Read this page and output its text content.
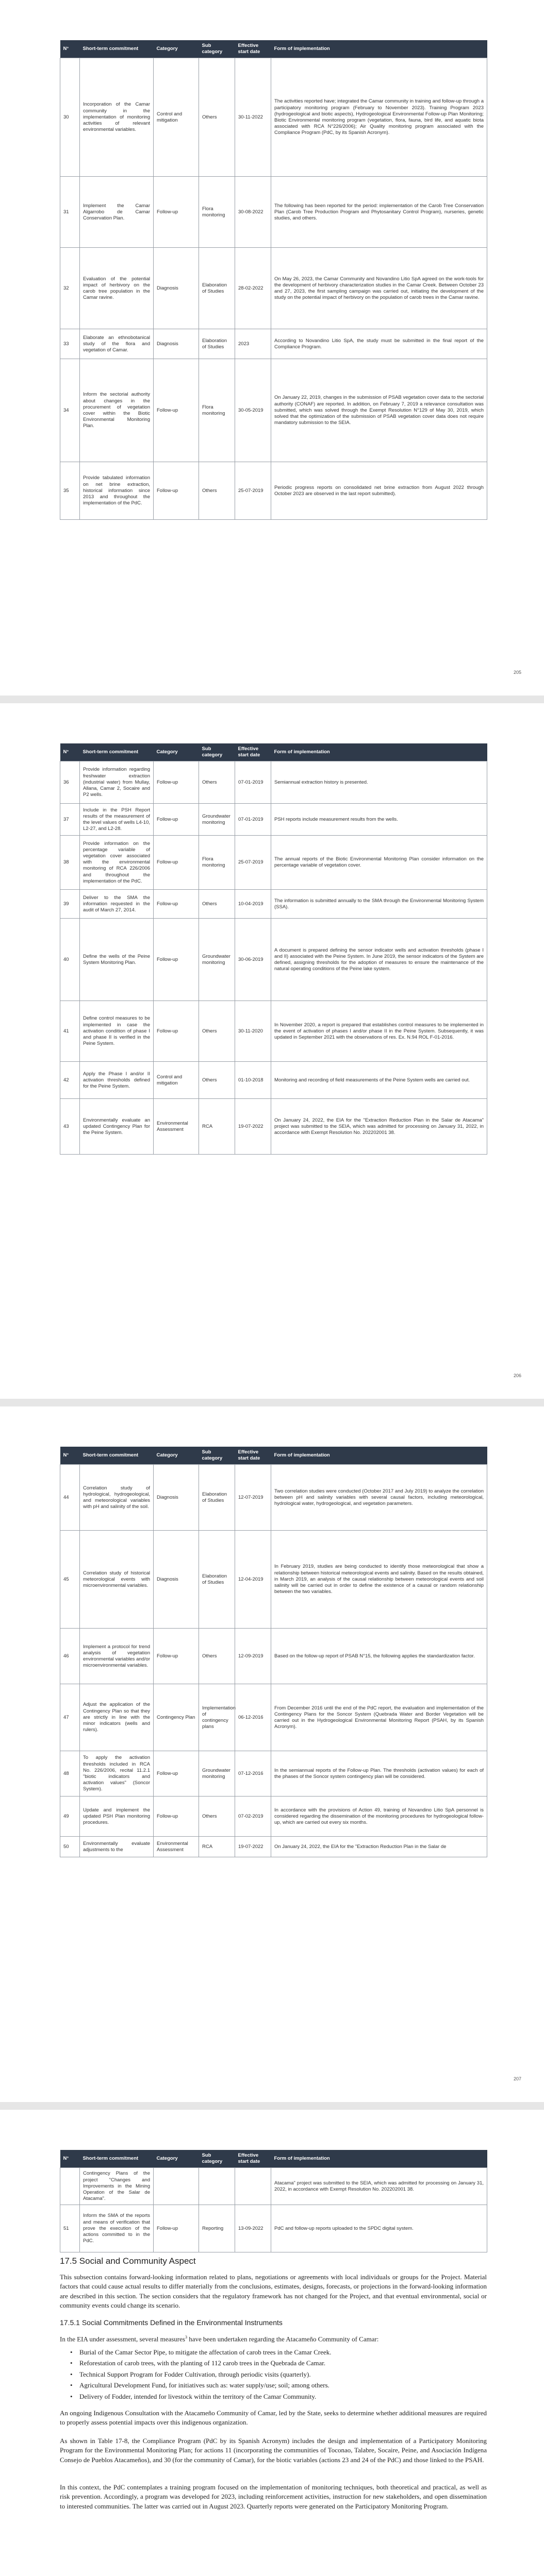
N°	Short-term commitment	Category	Sub category	Effective start date	Form of implementation
30	Incorporation of the Camar community in the implementation of monitoring activities of relevant environmental variables.	Control and mitigation	Others	30-11-2022	The activities reported have; integrated the Camar community in training and follow-up through a participatory monitoring program (February to November 2023). Training Program 2023 (hydrogeological and biotic aspects), Hydrogeological Environmental Follow-up Plan Monitoring; Biotic Environmental monitoring program (vegetation, flora, fauna, bird life, and aquatic biota associated with RCA N°226/2006); Air Quality monitoring program associated with the Compliance Program (PdC, by its Spanish Acronym).
31	Implement the Camar Algarrobo de Camar Conservation Plan.	Follow-up	Flora monitoring	30-08-2022	The following has been reported for the period: implementation of the Carob Tree Conservation Plan (Carob Tree Production Program and Phytosanitary Control Program), nurseries, genetic studies, and others.
32	Evaluation of the potential impact of herbivory on the carob tree population in the Camar ravine.	Diagnosis	Elaboration of Studies	28-02-2022	On May 26, 2023, the Camar Community and Novandino Litio SpA agreed on the work-tools for the development of herbivory characterization studies in the Camar Creek. Between October 23 and 27, 2023, the first sampling campaign was carried out, initiating the development of the study on the potential impact of herbivory on the population of carob trees in the Camar ravine.
33	Elaborate an ethnobotanical study of the flora and vegetation of Camar.	Diagnosis	Elaboration of Studies	2023	According to Novandino Litio SpA, the study must be submitted in the final report of the Compliance Program.
34	Inform the sectorial authority about changes in the procurement of vegetation cover within the Biotic Environmental Monitoring Plan.	Follow-up	Flora monitoring	30-05-2019	On January 22, 2019, changes in the submission of PSAB vegetation cover data to the sectorial authority (CONAF) are reported. In addition, on February 7, 2019 a relevance consultation was submitted, which was solved through the Exempt Resolution N°129 of May 30, 2019, which solved that the optimization of the submission of PSAB vegetation cover data does not require mandatory submission to the SEIA.
35	Provide tabulated information on net brine extraction, historical information since 2013 and throughout the implementation of the PdC.	Follow-up	Others	25-07-2019	Periodic progress reports on consolidated net brine extraction from August 2022 through October 2023 are observed in the last report submitted).
205
N°	Short-term commitment	Category	Sub category	Effective start date	Form of implementation
36	Provide information regarding freshwater extraction (industrial water) from Mullay, Allana, Camar 2, Socaire and P2 wells.	Follow-up	Others	07-01-2019	Semiannual extraction history is presented.
37	Include in the PSH Report results of the measurement of the level values of wells L4-10, L2-27, and L2-28.	Follow-up	Groundwater monitoring	07-01-2019	PSH reports include measurement results from the wells.
38	Provide information on the percentage variable of vegetation cover associated with the environmental monitoring of RCA 226/2006 and throughout the implementation of the PdC.	Follow-up	Flora monitoring	25-07-2019	The annual reports of the Biotic Environmental Monitoring Plan consider information on the percentage variable of vegetation cover.
39	Deliver to the SMA the information requested in the audit of March 27, 2014.	Follow-up	Others	10-04-2019	The information is submitted annually to the SMA through the Environmental Monitoring System (SSA).
40	Define the wells of the Peine System Monitoring Plan.	Follow-up	Groundwater monitoring	30-06-2019	A document is prepared defining the sensor indicator wells and activation thresholds (phase I and II) associated with the Peine System. In June 2019, the sensor indicators of the System are defined, assigning thresholds for the adoption of measures to ensure the maintenance of the natural operating conditions of the Peine lake system.
41	Define control measures to be implemented in case the activation condition of phase I and phase II is verified in the Peine System.	Follow-up	Others	30-11-2020	In November 2020, a report is prepared that establishes control measures to be implemented in the event of activation of phases I and/or phase II in the Peine System. Subsequently, it was updated in September 2021 with the observations of res. Ex. N.94 ROL F-01-2016.
42	Apply the Phase I and/or II activation thresholds defined for the Peine System.	Control and mitigation	Others	01-10-2018	Monitoring and recording of field measurements of the Peine System wells are carried out.
43	Environmentally evaluate an updated Contingency Plan for the Peine System.	Environmental Assessment	RCA	19-07-2022	On January 24, 2022, the EIA for the "Extraction Reduction Plan in the Salar de Atacama" project was submitted to the SEIA, which was admitted for processing on January 31, 2022, in accordance with Exempt Resolution No. 202202001 38.
206
N°	Short-term commitment	Category	Sub category	Effective start date	Form of implementation
44	Correlation study of hydrological, hydrogeological, and meteorological variables with pH and salinity of the soil.	Diagnosis	Elaboration of Studies	12-07-2019	Two correlation studies were conducted (October 2017 and July 2019) to analyze the correlation between pH and salinity variables with several causal factors, including meteorological, hydrological water, hydrogeological, and vegetation parameters.
45	Correlation study of historical meteorological events with microenvironmental variables.	Diagnosis	Elaboration of Studies	12-04-2019	In February 2019, studies are being conducted to identify those meteorological that show a relationship between historical meteorological events and salinity. Based on the results obtained, in March 2019, an analysis of the causal relationship between meteorological events and soil salinity will be carried out in order to define the existence of a causal or random relationship between the two variables.
46	Implement a protocol for trend analysis of vegetation environmental variables and/or microenvironmental variables.	Follow-up	Others	12-09-2019	Based on the follow-up report of PSAB N°15, the following applies the standardization factor.
47	Adjust the application of the Contingency Plan so that they are strictly in line with the minor indicators (wells and rulers).	Contingency Plan	Implementation of contingency plans	06-12-2016	From December 2016 until the end of the PdC report, the evaluation and implementation of the Contingency Plans for the Soncor System (Quebrada Water and Border Vegetation will be carried out in the Hydrogeological Environmental Monitoring Report (PSAH, by its Spanish Acronym).
48	To apply the activation thresholds included in RCA No. 226/2006, recital 11.2.1 "biotic indicators and activation values" (Soncor System).	Follow-up	Groundwater monitoring	07-12-2016	In the semiannual reports of the Follow-up Plan. The thresholds (activation values) for each of the phases of the Soncor system contingency plan will be considered.
49	Update and implement the updated PSH Plan monitoring procedures.	Follow-up	Others	07-02-2019	In accordance with the provisions of Action 49, training of Novandino Litio SpA personnel is considered regarding the dissemination of the monitoring procedures for hydrogeological follow-up, which are carried out every six months.
50	Environmentally evaluate adjustments to the	Environmental Assessment	RCA	19-07-2022	On January 24, 2022, the EIA for the "Extraction Reduction Plan in the Salar de
207
N°	Short-term commitment	Category	Sub category	Effective start date	Form of implementation
	Contingency Plans of the project "Changes and Improvements in the Mining Operation of the Salar de Atacama".				Atacama" project was submitted to the SEIA, which was admitted for processing on January 31, 2022, in accordance with Exempt Resolution No. 202202001 38.
51	Inform the SMA of the reports and means of verification that prove the execution of the actions committed to in the PdC.	Follow-up	Reporting	13-09-2022	PdC and follow-up reports uploaded to the SPDC digital system.
17.5 Social and Community Aspect

This subsection contains forward-looking information related to plans, negotiations or agreements with local individuals or groups for the Project. Material factors that could cause actual results to differ materially from the conclusions, estimates, designs, forecasts, or projections in the forward-looking information are described in this section. The section considers that the regulatory framework has not changed for the Project, and that eventual environmental, social or community events could change its scenario.

17.5.1 Social Commitments Defined in the Environmental Instruments

In the EIA under assessment, several measures$^3$ have been undertaken regarding the Atacameño Community of Camar:

• Burial of the Camar Sector Pipe, to mitigate the affectation of carob trees in the Camar Creek.
• Reforestation of carob trees, with the planting of 112 carob trees in the Quebrada de Camar.
• Technical Support Program for Fodder Cultivation, through periodic visits (quarterly).
• Agricultural Development Fund, for initiatives such as: water supply/use; soil; among others.
• Delivery of Fodder, intended for livestock within the territory of the Camar Community.

An ongoing Indigenous Consultation with the Atacameño Community of Camar, led by the State, seeks to determine whether additional measures are required to properly assess potential impacts over this indigenous organization.

As shown in Table 17-8, the Compliance Program (PdC by its Spanish Acronym) includes the design and implementation of a Participatory Monitoring Program for the Environmental Monitoring Plan; for actions 11 (incorporating the communities of Toconao, Talabre, Socaire, Peine, and Asociación Indígena Consejo de Pueblos Atacameños), and 30 (for the community of Camar), for the biotic variables (actions 23 and 24 of the PdC) and those linked to the PSAH.

In this context, the PdC contemplates a training program focused on the implementation of monitoring techniques, both theoretical and practical, as well as risk prevention. Accordingly, a program was developed for 2023, including reinforcement activities, instruction for new stakeholders, and open dissemination to interested communities. The latter was carried out in August 2023. Quarterly reports were generated on the Participatory Monitoring Program.
